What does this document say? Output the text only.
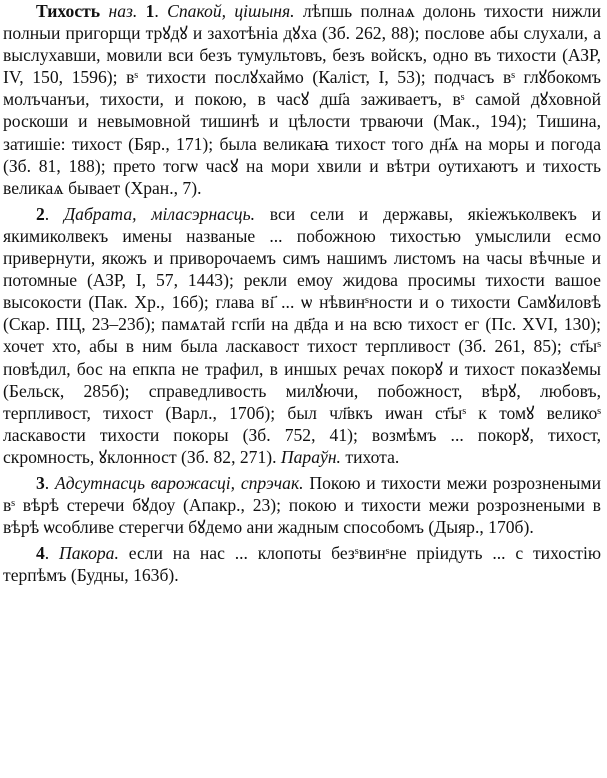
Тихость наз. 1. Спакой, цішыня. лѣпшь полнаѧ долонь тихости нижли полныи пригорщи трꙋдꙋ и захотѣнiа дꙋха (Зб. 262, 88); пословe абы слухали, а выслухавши, мовили вси безъ тумультовъ, безъ войскъ, одно въ тихости (АЗР, IV, 150, 1596); вˢ тихости послꙋхаймо (Калiст, I, 53); подчасъ вˢ глꙋбокомъ молъчанъи, тихости, и покою, в часꙋ дш҃а заживаетъ, вˢ самой дꙋховной роскоши и невымовной тишинѣ и цѣлости трваючи (Мак., 194); Тишина, затишie: тихост (Бяр., 171); была великаꙗ тихост того дн҃ѧ на моры и погода (Зб. 81, 188); прето тогѡ часꙋ на мори хвили и вѣтри оутихаютъ и тихость великаѧ бываeт (Хран., 7).

2. Дабрата, міласэрнасць. вси сели и державы, якieжъколвекъ и якимиколвекъ имены названые ... побожною тихостью умыслили есмо привернути, якожъ и приворочаемъ симъ нашимъ листомъ на часы вѣчные и потомные (АЗР, I, 57, 1443); рекли емоу жидова просимы тихости вашое высокости (Пак. Хр., 16б); глава вı҃ ... ѡ нѣвинˢности и о тихости Самꙋиловѣ (Скар. ПЦ, 23–23б); памѧтай гсп҃и на дв҃да и на всю тихост ег (Пс. XVI, 130); хочет хто, абы в ним была ласкавост тихост терпливост (Зб. 261, 85); ст҃ыˢ повѣдил, бос на епкпа не трафил, в иншых речах покорꙋ и тихост показꙋемы (Бельск, 285б); справедливость милꙋючи, побожност, вѣрꙋ, любовъ, терпливост, тихост (Варл., 170б); был чл҃вкъ иѡан ст҃ыˢ к томꙋ великоˢ ласкавости тихости покоры (Зб. 752, 41); возмѣмъ ... покорꙋ, тихост, скромность, ꙋклонност (Зб. 82, 271). Параўн. тихота.

3. Адсутнасць варожасці, спрэчак. Покою и тихости межи розрознеными вˢ вѣрѣ стеречи бꙋдоу (Апакр., 23); покою и тихости межи розрознеными в вѣрѣ ѡсобливе стерегчи бꙋдемо ани жадным способомъ (Дыяр., 170б).

4. Пакора. если на нас ... клопоты безˢвинˢне прiидуть ... с тихостiю терпѣмъ (Будны, 163б).
